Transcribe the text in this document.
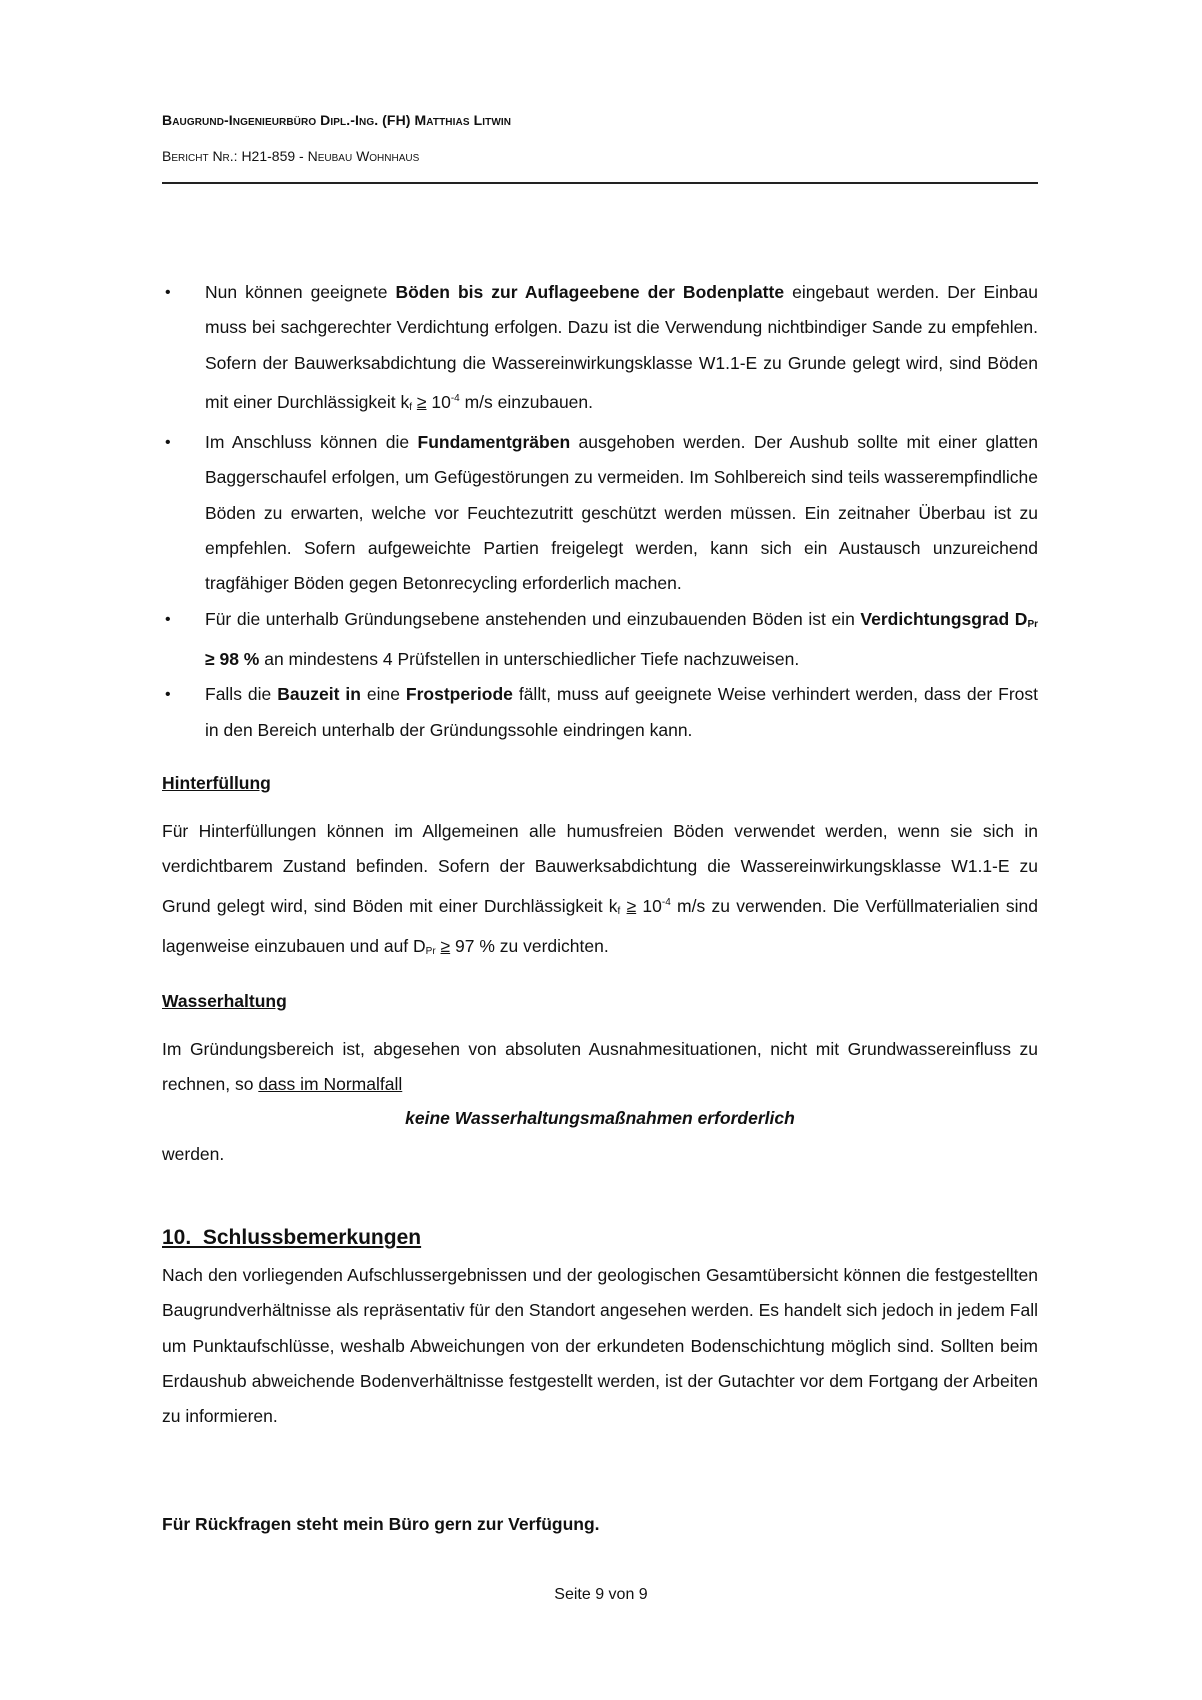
Baugrund-Ingenieurbüro Dipl.-Ing. (FH) Matthias Litwin
Bericht Nr.: H21-859 - Neubau Wohnhaus
• Nun können geeignete Böden bis zur Auflageebene der Bodenplatte eingebaut werden. Der Einbau muss bei sachgerechter Verdichtung erfolgen. Dazu ist die Verwendung nichtbindiger Sande zu empfehlen. Sofern der Bauwerksabdichtung die Wassereinwirkungsklasse W1.1-E zu Grunde gelegt wird, sind Böden mit einer Durchlässigkeit $k_f \ge 10^{-4}$ m/s einzubauen.
• Im Anschluss können die Fundamentgräben ausgehoben werden. Der Aushub sollte mit einer glatten Baggerschaufel erfolgen, um Gefügestörungen zu vermeiden. Im Sohlbereich sind teils wasserempfindliche Böden zu erwarten, welche vor Feuchtezutritt geschützt werden müssen. Ein zeitnaher Überbau ist zu empfehlen. Sofern aufgeweichte Partien freigelegt werden, kann sich ein Austausch unzureichend tragfähiger Böden gegen Betonrecycling erforderlich machen.
• Für die unterhalb Gründungsebene anstehenden und einzubauenden Böden ist ein Verdichtungsgrad $D_{Pr} \ge 98$ % an mindestens 4 Prüfstellen in unterschiedlicher Tiefe nachzuweisen.
• Falls die Bauzeit in eine Frostperiode fällt, muss auf geeignete Weise verhindert werden, dass der Frost in den Bereich unterhalb der Gründungssohle eindringen kann.
Hinterfüllung

Für Hinterfüllungen können im Allgemeinen alle humusfreien Böden verwendet werden, wenn sie sich in verdichtbarem Zustand befinden. Sofern der Bauwerksabdichtung die Wassereinwirkungsklasse W1.1-E zu Grund gelegt wird, sind Böden mit einer Durchlässigkeit $k_f \ge 10^{-4}$ m/s zu verwenden. Die Verfüllmaterialien sind lagenweise einzubauen und auf $D_{Pr} \ge 97$ % zu verdichten.

Wasserhaltung

Im Gründungsbereich ist, abgesehen von absoluten Ausnahmesituationen, nicht mit Grundwassereinfluss zu rechnen, so dass im Normalfall

keine Wasserhaltungsmaßnahmen erforderlich
werden.
10.  Schlussbemerkungen

Nach den vorliegenden Aufschlussergebnissen und der geologischen Gesamtübersicht können die festgestellten Baugrundverhältnisse als repräsentativ für den Standort angesehen werden. Es handelt sich jedoch in jedem Fall um Punktaufschlüsse, weshalb Abweichungen von der erkundeten Bodenschichtung möglich sind. Sollten beim Erdaushub abweichende Bodenverhältnisse festgestellt werden, ist der Gutachter vor dem Fortgang der Arbeiten zu informieren.

Für Rückfragen steht mein Büro gern zur Verfügung.
Seite 9 von 9
